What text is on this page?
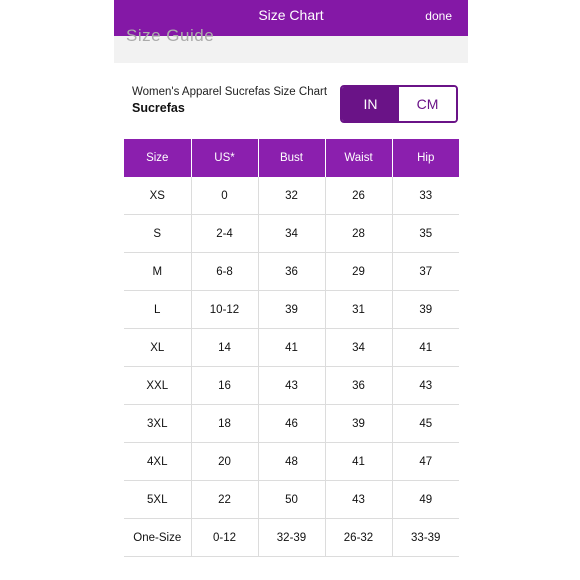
Size Chart	done
Size Guide
Women's Apparel Sucrefas Size Chart
Sucrefas	IN	CM
Size	US*	Bust	Waist	Hip
XS	0	32	26	33
S	2-4	34	28	35
M	6-8	36	29	37
L	10-12	39	31	39
XL	14	41	34	41
XXL	16	43	36	43
3XL	18	46	39	45
4XL	20	48	41	47
5XL	22	50	43	49
One-Size	0-12	32-39	26-32	33-39
